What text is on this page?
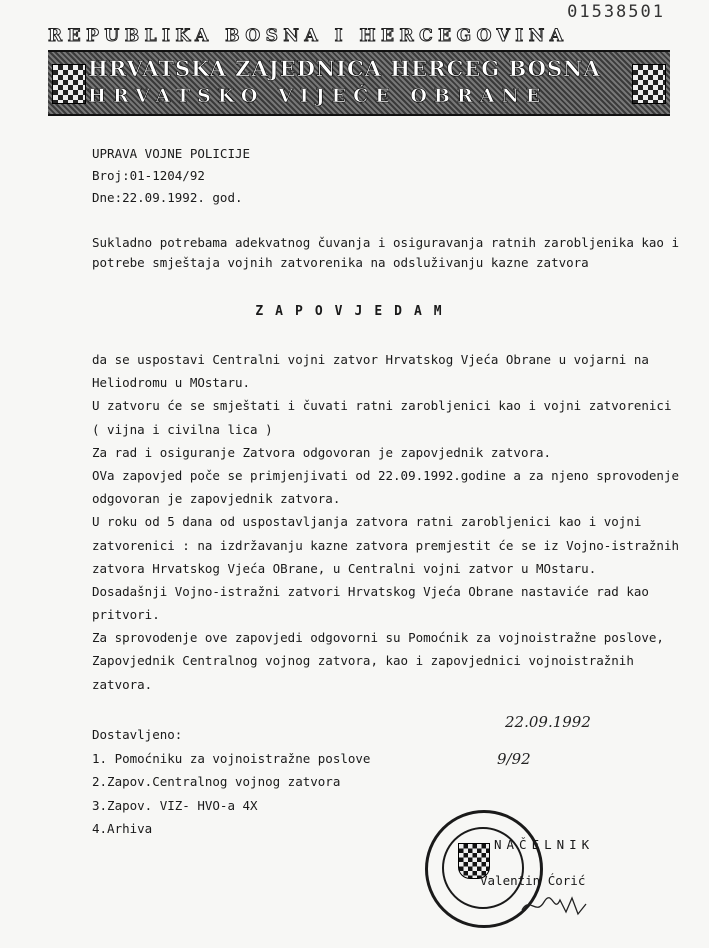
01538501
REPUBLIKA BOSNA I HERCEGOVINA
HRVATSKA ZAJEDNICA HERCEG BOSNA
HRVATSKO VIJEĆE OBRANE
UPRAVA VOJNE POLICIJE
Broj:01-1204/92
Dne:22.09.1992. god.
Sukladno potrebama adekvatnog čuvanja i osiguravanja ratnih zarobljenika kao i
potrebe smještaja vojnih zatvorenika na odsluživanju kazne zatvora
ZAPOVJEDAM
da se uspostavi Centralni vojni zatvor Hrvatskog Vjeća Obrane u vojarni na
Heliodromu u MOstaru.
U zatvoru će se smještati i čuvati ratni zarobljenici kao i vojni zatvorenici
( vijna i civilna lica )
Za rad i osiguranje Zatvora odgovoran je zapovjednik zatvora.
OVa zapovjed poče se primjenjivati od 22.09.1992.godine a za njeno sprovodenje
odgovoran je zapovjednik zatvora.
U roku od 5 dana od uspostavljanja zatvora ratni zarobljenici kao i vojni
zatvorenici : na izdržavanju kazne zatvora premjestit će se iz Vojno-istražnih
zatvora Hrvatskog Vjeća OBrane, u Centralni vojni zatvor u MOstaru.
Dosadašnji Vojno-istražni zatvori Hrvatskog Vjeća Obrane nastaviće rad kao
pritvori.
Za sprovodenje ove zapovjedi odgovorni su Pomoćnik za vojnoistražne poslove,
Zapovjednik Centralnog vojnog zatvora, kao i zapovjednici vojnoistražnih
zatvora.
Dostavljeno:
1. Pomoćniku za vojnoistražne poslove
2.Zapov.Centralnog vojnog zatvora
3.Zapov. VIZ- HVO-a 4X
4.Arhiva
22.09.1992
9/92
NAČELNIK
Valentin Ćorić
